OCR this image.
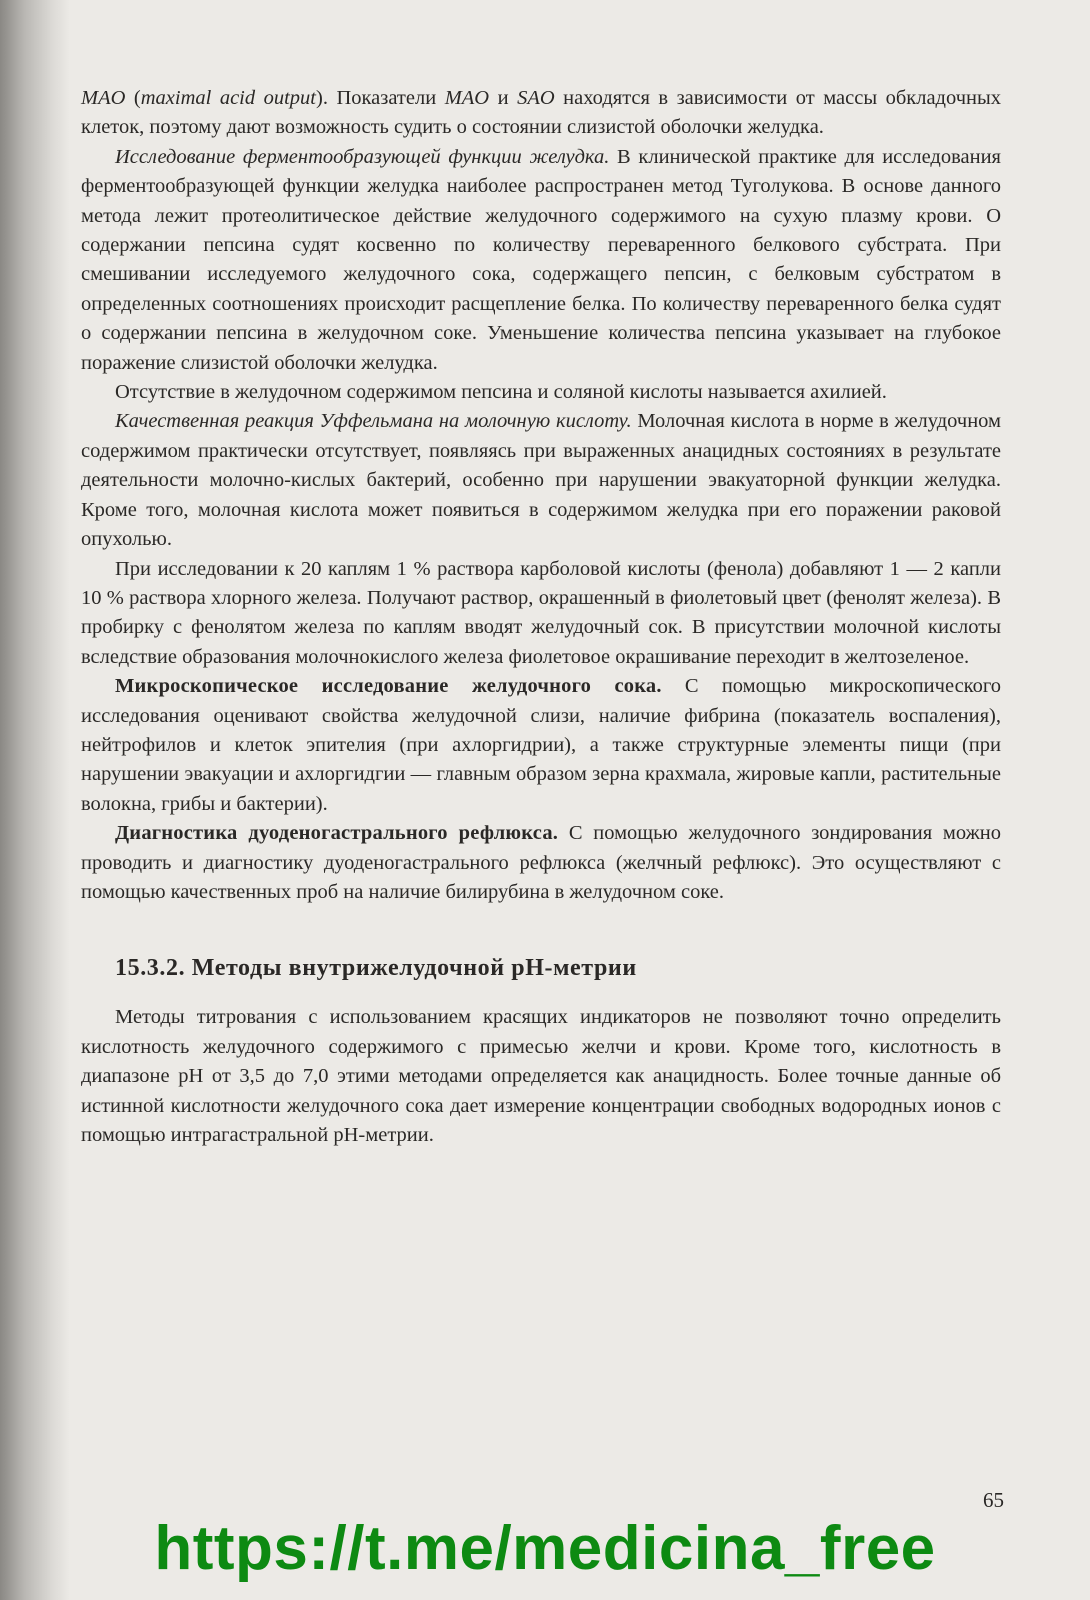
MAO (maximal acid output). Показатели MAO и SAO находятся в зависимости от массы обкладочных клеток, поэтому дают возможность судить о состоянии слизистой оболочки желудка.

Исследование ферментообразующей функции желудка. В клинической практике для исследования ферментообразующей функции желудка наиболее распространен метод Туголукова. В основе данного метода лежит протеолитическое действие желудочного содержимого на сухую плазму крови. О содержании пепсина судят косвенно по количеству переваренного белкового субстрата. При смешивании исследуемого желудочного сока, содержащего пепсин, с белковым субстратом в определенных соотношениях происходит расщепление белка. По количеству переваренного белка судят о содержании пепсина в желудочном соке. Уменьшение количества пепсина указывает на глубокое поражение слизистой оболочки желудка.

Отсутствие в желудочном содержимом пепсина и соляной кислоты называется ахилией.

Качественная реакция Уффельмана на молочную кислоту. Молочная кислота в норме в желудочном содержимом практически отсутствует, появляясь при выраженных анацидных состояниях в результате деятельности молочно-кислых бактерий, особенно при нарушении эвакуаторной функции желудка. Кроме того, молочная кислота может появиться в содержимом желудка при его поражении раковой опухолью.

При исследовании к 20 каплям 1 % раствора карболовой кислоты (фенола) добавляют 1 — 2 капли 10 % раствора хлорного железа. Получают раствор, окрашенный в фиолетовый цвет (фенолят железа). В пробирку с фенолятом железа по каплям вводят желудочный сок. В присутствии молочной кислоты вследствие образования молочнокислого железа фиолетовое окрашивание переходит в желтозеленое.

Микроскопическое исследование желудочного сока. С помощью микроскопического исследования оценивают свойства желудочной слизи, наличие фибрина (показатель воспаления), нейтрофилов и клеток эпителия (при ахлоргидрии), а также структурные элементы пищи (при нарушении эвакуации и ахлоргидгии — главным образом зерна крахмала, жировые капли, растительные волокна, грибы и бактерии).

Диагностика дуоденогастрального рефлюкса. С помощью желудочного зондирования можно проводить и диагностику дуоденогастрального рефлюкса (желчный рефлюкс). Это осуществляют с помощью качественных проб на наличие билирубина в желудочном соке.

15.3.2. Методы внутрижелудочной pH-метрии

Методы титрования с использованием красящих индикаторов не позволяют точно определить кислотность желудочного содержимого с примесью желчи и крови. Кроме того, кислотность в диапазоне pH от 3,5 до 7,0 этими методами определяется как анацидность. Более точные данные об истинной кислотности желудочного сока дает измерение концентрации свободных водородных ионов с помощью интрагастральной pH-метрии.

65
https://t.me/medicina_free
